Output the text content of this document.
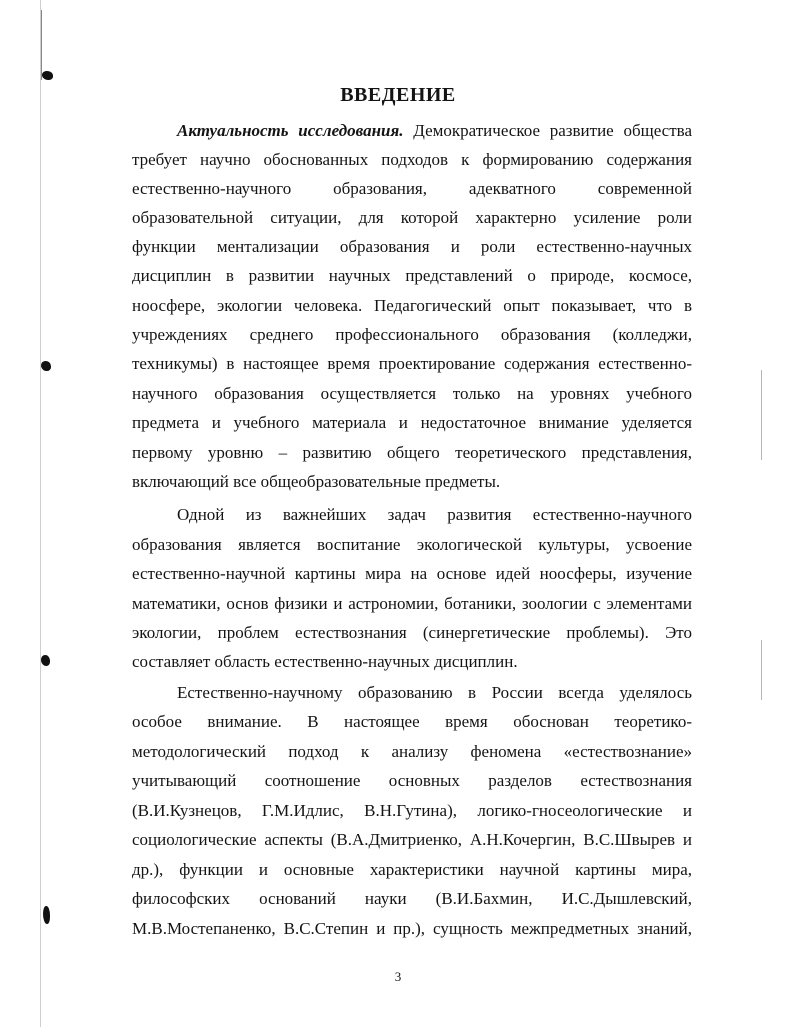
ВВЕДЕНИЕ
Актуальность исследования. Демократическое развитие общества
требует научно обоснованных подходов к формированию содержания
естественно-научного образования, адекватного современной
образовательной ситуации, для которой характерно усиление роли
функции ментализации образования и роли естественно-научных
дисциплин в развитии научных представлений о природе, космосе,
ноосфере, экологии человека. Педагогический опыт показывает, что в
учреждениях среднего профессионального образования (колледжи,
техникумы) в настоящее время проектирование содержания естественно-
научного образования осуществляется только на уровнях учебного
предмета и учебного материала и недостаточное внимание уделяется
первому уровню – развитию общего теоретического представления,
включающий все общеобразовательные предметы.
Одной из важнейших задач развития естественно-научного
образования является воспитание экологической культуры, усвоение
естественно-научной картины мира на основе идей ноосферы, изучение
математики, основ физики и астрономии, ботаники, зоологии с элементами
экологии, проблем естествознания (синергетические проблемы). Это
составляет область естественно-научных дисциплин.
Естественно-научному образованию в России всегда уделялось
особое внимание. В настоящее время обоснован теоретико-
методологический подход к анализу феномена «естествознание»
учитывающий соотношение основных разделов естествознания
(В.И.Кузнецов, Г.М.Идлис, В.Н.Гутина), логико-гносеологические и
социологические аспекты (В.А.Дмитриенко, А.Н.Кочергин, В.С.Швырев и
др.), функции и основные характеристики научной картины мира,
философских оснований науки (В.И.Бахмин, И.С.Дышлевский,
М.В.Мостепаненко, В.С.Степин и пр.), сущность межпредметных знаний,
3
